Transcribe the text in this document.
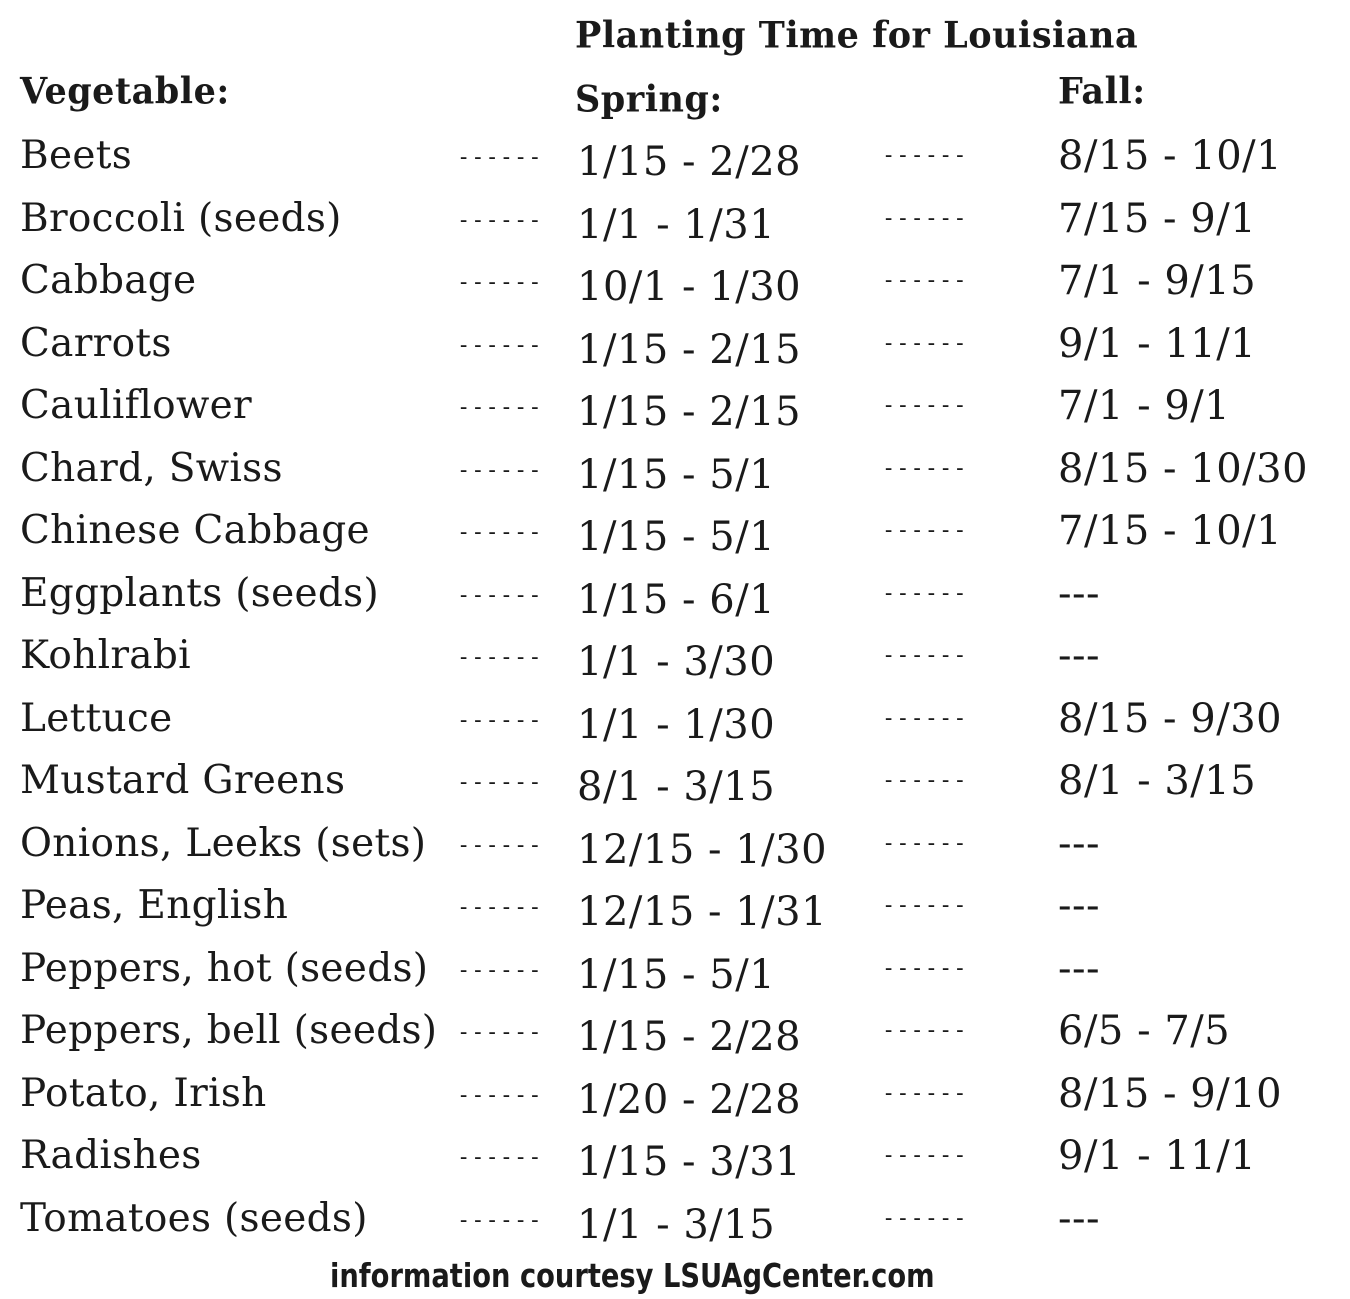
Planting Time for Louisiana
Vegetable:	Spring:	Fall:
Beets	------ 1/15 - 2/28	------ 8/15 - 10/1
Broccoli (seeds)	------ 1/1 - 1/31	------ 7/15 - 9/1
Cabbage	------ 10/1 - 1/30	------ 7/1 - 9/15
Carrots	------ 1/15 - 2/15	------ 9/1 - 11/1
Cauliflower	------ 1/15 - 2/15	------ 7/1 - 9/1
Chard, Swiss	------ 1/15 - 5/1	------ 8/15 - 10/30
Chinese Cabbage	------ 1/15 - 5/1	------ 7/15 - 10/1
Eggplants (seeds)	------ 1/15 - 6/1	------ ---
Kohlrabi	------ 1/1 - 3/30	------ ---
Lettuce	------ 1/1 - 1/30	------ 8/15 - 9/30
Mustard Greens	------ 8/1 - 3/15	------ 8/1 - 3/15
Onions, Leeks (sets) ------ 12/15 - 1/30 ------ ---
Peas, English	------ 12/15 - 1/31 ------ ---
Peppers, hot (seeds) ------ 1/15 - 5/1	------ ---
Peppers, bell (seeds) ------ 1/15 - 2/28	------ 6/5 - 7/5
Potato, Irish	------ 1/20 - 2/28	------ 8/15 - 9/10
Radishes	------ 1/15 - 3/31	------ 9/1 - 11/1
Tomatoes (seeds)	------ 1/1 - 3/15	------ ---
information courtesy LSUAgCenter.com
